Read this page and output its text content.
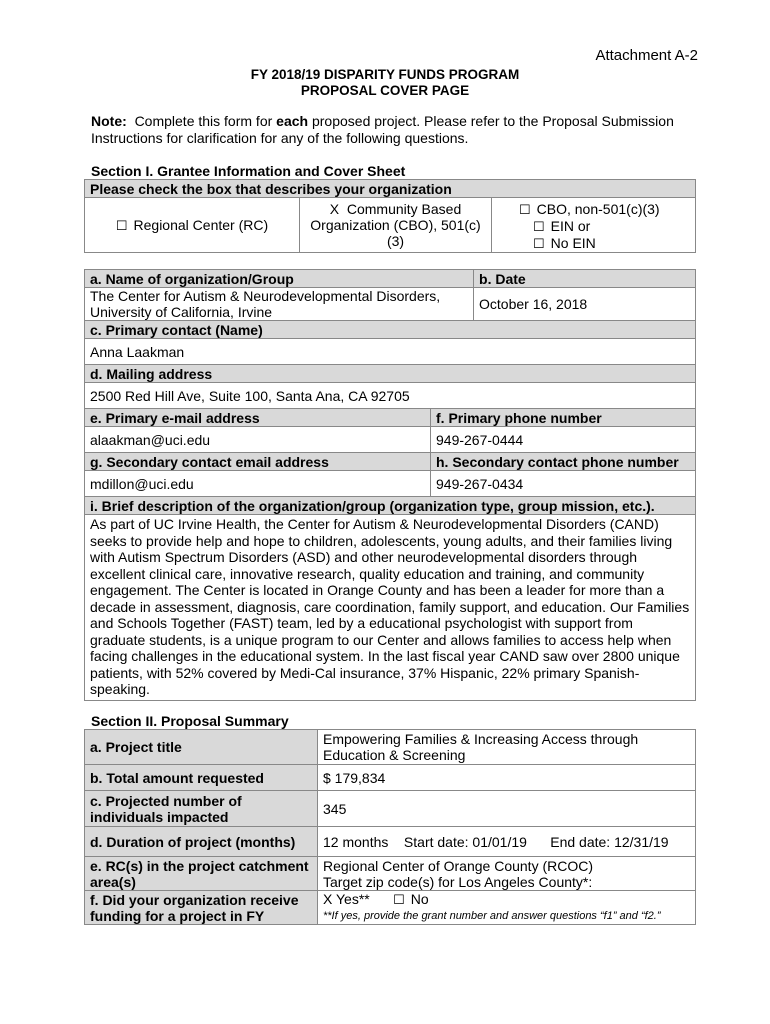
Attachment A-2
FY 2018/19 DISPARITY FUNDS PROGRAM
PROPOSAL COVER PAGE
Note: Complete this form for each proposed project. Please refer to the Proposal Submission Instructions for clarification for any of the following questions.
Section I. Grantee Information and Cover Sheet
Please check the box that describes your organization
☐ Regional Center (RC)	X Community Based Organization (CBO), 501(c)(3)	
☐ CBO, non-501(c)(3)
☐ EIN or
☐ No EIN
a. Name of organization/Group		b. Date
The Center for Autism & Neurodevelopmental Disorders, University of California, Irvine		October 16, 2018
c. Primary contact (Name)		
Anna Laakman		
d. Mailing address		
2500 Red Hill Ave, Suite 100, Santa Ana, CA 92705		
e. Primary e-mail address	f. Primary phone number	
alaakman@uci.edu	949-267-0444	
g. Secondary contact email address	h. Secondary contact phone number	
mdillon@uci.edu	949-267-0434	
i. Brief description of the organization/group (organization type, group mission, etc.).		
As part of UC Irvine Health, the Center for Autism & Neurodevelopmental Disorders (CAND) seeks to provide help and hope to children, adolescents, young adults, and their families living with Autism Spectrum Disorders (ASD) and other neurodevelopmental disorders through excellent clinical care, innovative research, quality education and training, and community engagement. The Center is located in Orange County and has been a leader for more than a decade in assessment, diagnosis, care coordination, family support, and education. Our Families and Schools Together (FAST) team, led by a educational psychologist with support from graduate students, is a unique program to our Center and allows families to access help when facing challenges in the educational system. In the last fiscal year CAND saw over 2800 unique patients, with 52% covered by Medi-Cal insurance, 37% Hispanic, 22% primary Spanish-speaking.		
Section II. Proposal Summary
a. Project title	Empowering Families & Increasing Access through Education & Screening
b. Total amount requested	$ 179,834
c. Projected number of individuals impacted	345
d. Duration of project (months)	12 months    Start date: 01/01/19      End date: 12/31/19
e. RC(s) in the project catchment area(s)	Regional Center of Orange County (RCOC)
Target zip code(s) for Los Angeles County*:

f. Did your organization receive funding for a project in FY	X Yes** ☐ No
**If yes, provide the grant number and answer questions “f1” and “f2.”
